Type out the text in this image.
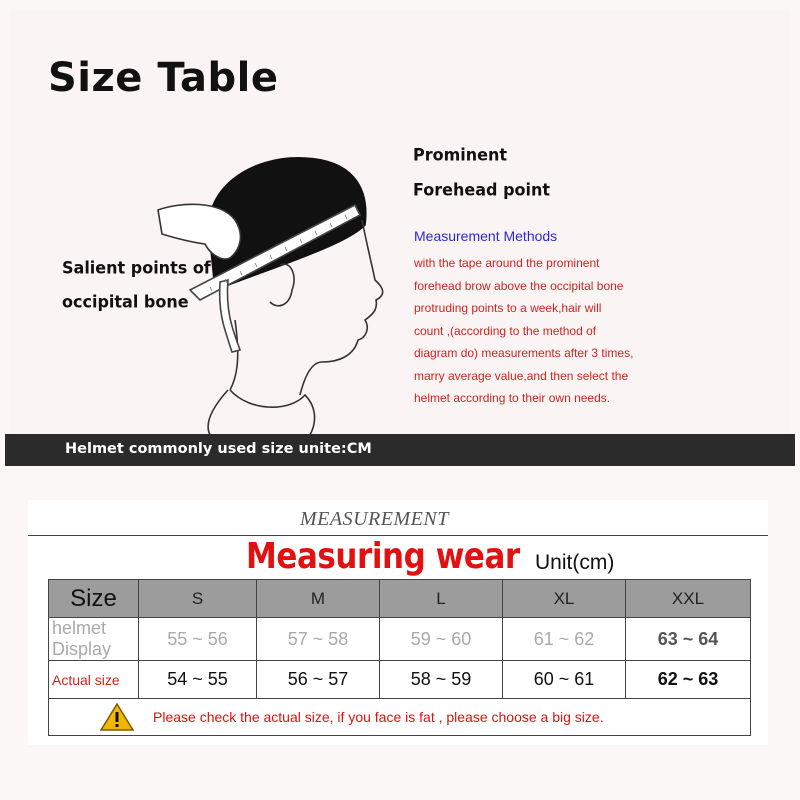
Size Table
Prominent
Forehead point
Salient points of
occipital bone
Measurement Methods
with the tape around the prominent
forehead brow above the occipital bone
protruding points to a week,hair will
count ,(according to the method of
diagram do) measurements after 3 times,
marry average value,and then select the
helmet according to their own needs.
Helmet commonly used size unite:CM
MEASUREMENT
Measuring wear Unit(cm)
Size	S	M	L	XL	XXL
helmet Display	55 ~ 56	57 ~ 58	59 ~ 60	61 ~ 62	63 ~ 64
Actual size	54 ~ 55	56 ~ 57	58 ~ 59	60 ~ 61	62 ~ 63

Please check the actual size, if you face is fat , please choose a big size.					
